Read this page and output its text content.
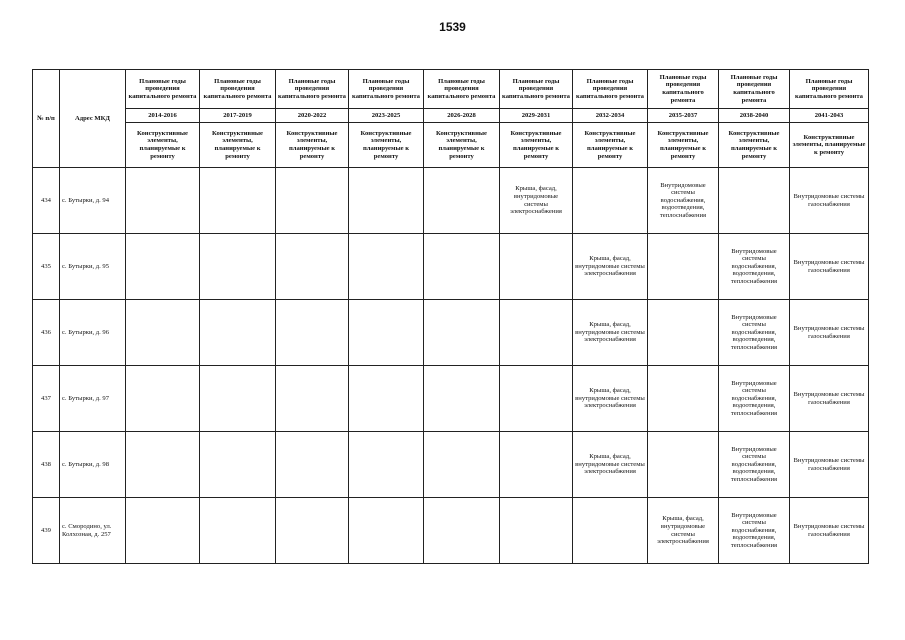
1539
№ п/п	Адрес МКД	Плановые годы проведения капитального ремонта	Плановые годы проведения капитального ремонта	Плановые годы проведения капитального ремонта	Плановые годы проведения капитального ремонта	Плановые годы проведения капитального ремонта	Плановые годы проведения капитального ремонта	Плановые годы проведения капитального ремонта	Плановые годы проведения капитального ремонта	Плановые годы проведения капитального ремонта	Плановые годы проведения капитального ремонта
		2014-2016	2017-2019	2020-2022	2023-2025	2026-2028	2029-2031	2032-2034	2035-2037	2038-2040	2041-2043
		Конструктивные элементы, планируемые к ремонту	Конструктивные элементы, планируемые к ремонту	Конструктивные элементы, планируемые к ремонту	Конструктивные элементы, планируемые к ремонту	Конструктивные элементы, планируемые к ремонту	Конструктивные элементы, планируемые к ремонту	Конструктивные элементы, планируемые к ремонту	Конструктивные элементы, планируемые к ремонту	Конструктивные элементы, планируемые к ремонту	Конструктивные элементы, планируемые к ремонту
434	с. Бутырки, д. 94						Крыша, фасад, внутридомовые системы электроснабжения		Внутридомовые системы водоснабжения, водоотведения, теплоснабжения		Внутридомовые системы газоснабжения
435	с. Бутырки, д. 95							Крыша, фасад, внутридомовые системы электроснабжения		Внутридомовые системы водоснабжения, водоотведения, теплоснабжения	Внутридомовые системы газоснабжения
436	с. Бутырки, д. 96							Крыша, фасад, внутридомовые системы электроснабжения		Внутридомовые системы водоснабжения, водоотведения, теплоснабжения	Внутридомовые системы газоснабжения
437	с. Бутырки, д. 97							Крыша, фасад, внутридомовые системы электроснабжения		Внутридомовые системы водоснабжения, водоотведения, теплоснабжения	Внутридомовые системы газоснабжения
438	с. Бутырки, д. 98							Крыша, фасад, внутридомовые системы электроснабжения		Внутридомовые системы водоснабжения, водоотведения, теплоснабжения	Внутридомовые системы газоснабжения
439	с. Смородино, ул. Колхозная, д. 257								Крыша, фасад, внутридомовые системы электроснабжения	Внутридомовые системы водоснабжения, водоотведения, теплоснабжения	Внутридомовые системы газоснабжения
